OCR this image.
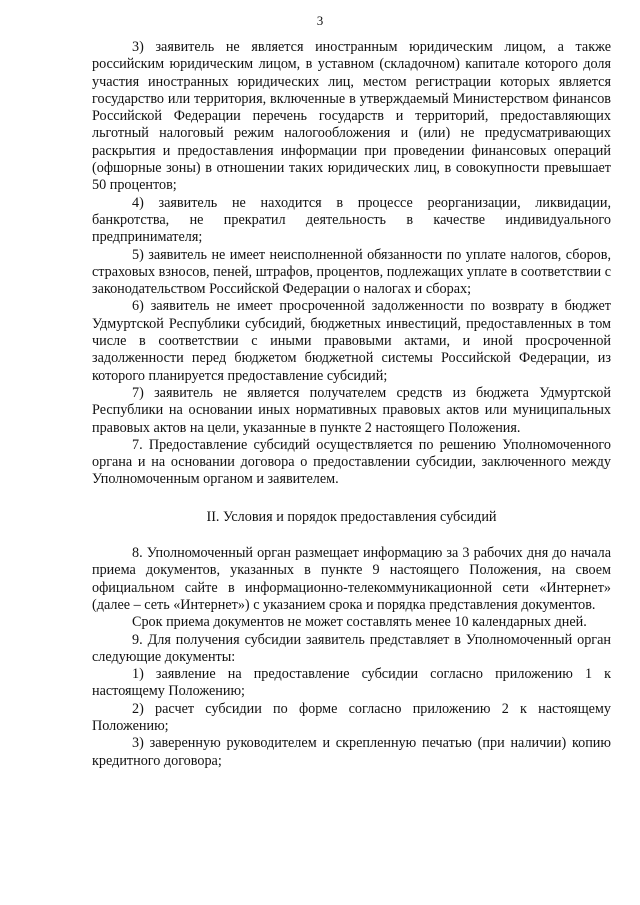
3

3) заявитель не является иностранным юридическим лицом, а также российским юридическим лицом, в уставном (складочном) капитале которого доля участия иностранных юридических лиц, местом регистрации которых является государство или территория, включенные в утверждаемый Министерством финансов Российской Федерации перечень государств и территорий, предоставляющих льготный налоговый режим налогообложения и (или) не предусматривающих раскрытия и предоставления информации при проведении финансовых операций (офшорные зоны) в отношении таких юридических лиц, в совокупности превышает 50 процентов;

4) заявитель не находится в процессе реорганизации, ликвидации, банкротства, не прекратил деятельность в качестве индивидуального предпринимателя;

5) заявитель не имеет неисполненной обязанности по уплате налогов, сборов, страховых взносов, пеней, штрафов, процентов, подлежащих уплате в соответствии с законодательством Российской Федерации о налогах и сборах;

6) заявитель не имеет просроченной задолженности по возврату в бюджет Удмуртской Республики субсидий, бюджетных инвестиций, предоставленных в том числе в соответствии с иными правовыми актами, и иной просроченной задолженности перед бюджетом бюджетной системы Российской Федерации, из которого планируется предоставление субсидий;

7) заявитель не является получателем средств из бюджета Удмуртской Республики на основании иных нормативных правовых актов или муниципальных правовых актов на цели, указанные в пункте 2 настоящего Положения.

7. Предоставление субсидий осуществляется по решению Уполномоченного органа и на основании договора о предоставлении субсидии, заключенного между Уполномоченным органом и заявителем.

II. Условия и порядок предоставления субсидий

8. Уполномоченный орган размещает информацию за 3 рабочих дня до начала приема документов, указанных в пункте 9 настоящего Положения, на своем официальном сайте в информационно-телекоммуникационной сети «Интернет» (далее – сеть «Интернет») с указанием срока и порядка представления документов.

Срок приема документов не может составлять менее 10 календарных дней.

9. Для получения субсидии заявитель представляет в Уполномоченный орган следующие документы:

1) заявление на предоставление субсидии согласно приложению 1 к настоящему Положению;

2) расчет субсидии по форме согласно приложению 2 к настоящему Положению;

3) заверенную руководителем и скрепленную печатью (при наличии) копию кредитного договора;
